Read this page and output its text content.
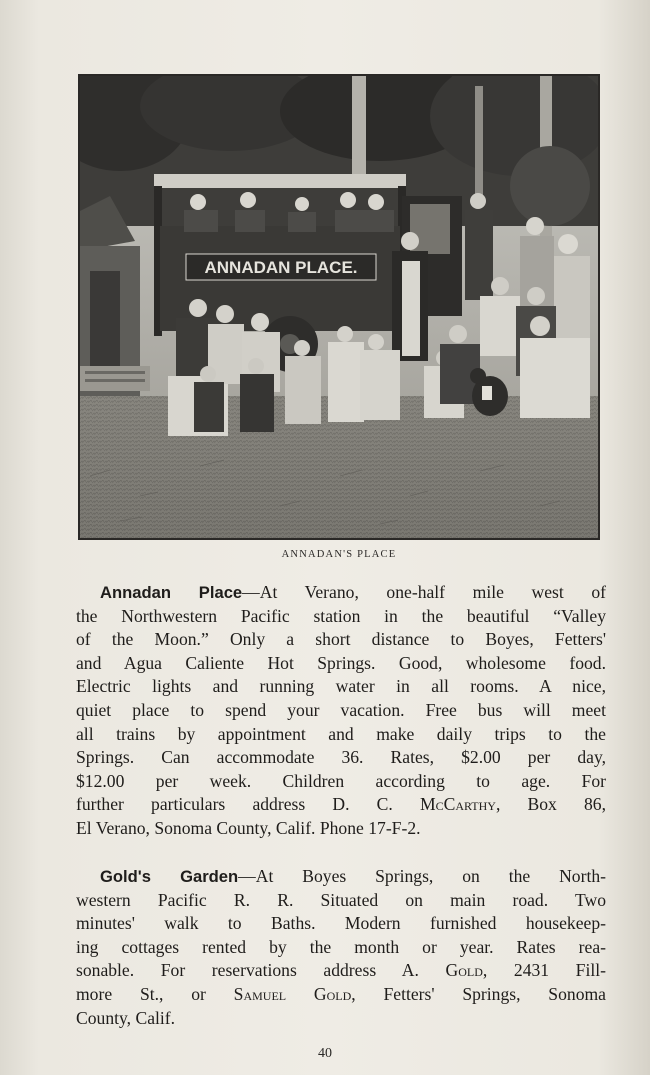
ANNADAN PLACE.
ANNADAN'S PLACE
Annadan Place—At Verano, one-half mile west of
the Northwestern Pacific station in the beautiful “Valley
of the Moon.” Only a short distance to Boyes, Fetters'
and Agua Caliente Hot Springs. Good, wholesome food.
Electric lights and running water in all rooms. A nice,
quiet place to spend your vacation. Free bus will meet
all trains by appointment and make daily trips to the
Springs. Can accommodate 36. Rates, $2.00 per day,
$12.00 per week. Children according to age. For
further particulars address D. C. McCarthy, Box 86,
El Verano, Sonoma County, Calif. Phone 17-F-2.
Gold's Garden—At Boyes Springs, on the North-
western Pacific R. R. Situated on main road. Two
minutes' walk to Baths. Modern furnished housekeep-
ing cottages rented by the month or year. Rates rea-
sonable. For reservations address A. Gold, 2431 Fill-
more St., or Samuel Gold, Fetters' Springs, Sonoma
County, Calif.
40
